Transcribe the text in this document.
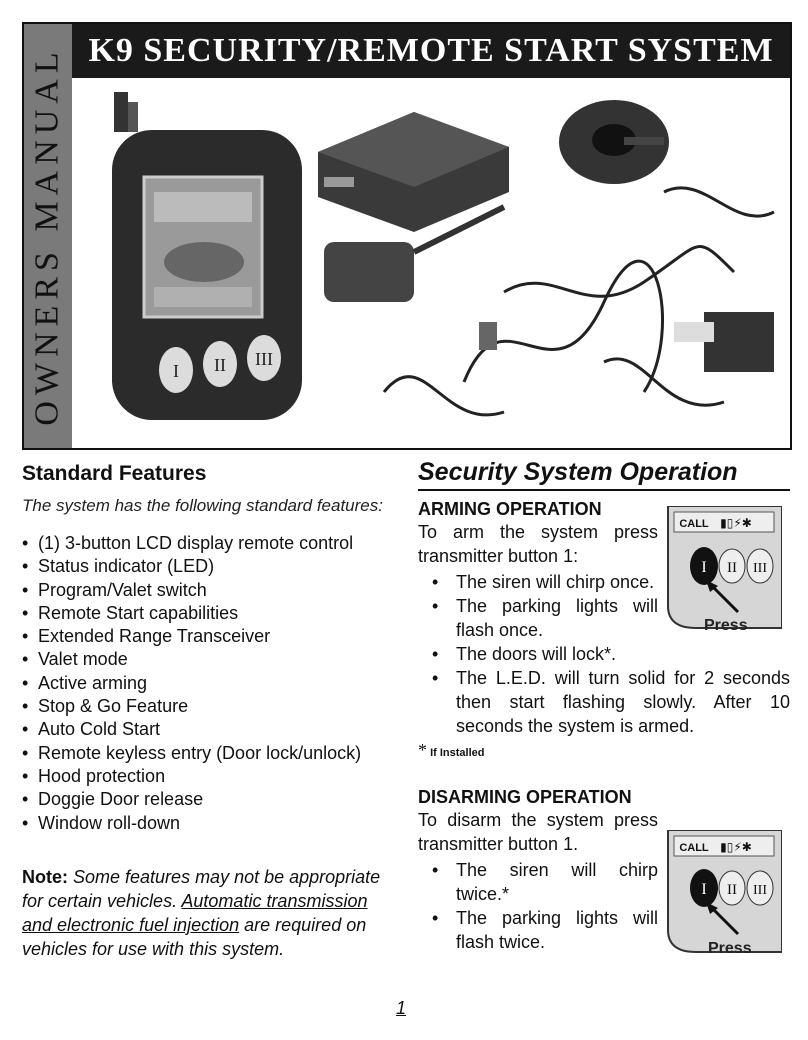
OWNERS MANUAL K9 SECURITY/REMOTE START SYSTEM
I II III
Standard Features

The system has the following standard features:

• (1) 3-button LCD display remote control
• Status indicator (LED)
• Program/Valet switch
• Remote Start capabilities
• Extended Range Transceiver
• Valet mode
• Active arming
• Stop & Go Feature
• Auto Cold Start
• Remote keyless entry (Door lock/unlock)
• Hood protection
• Doggie Door release
• Window roll-down

Note: Some features may not be appropriate for certain vehicles. Automatic transmission and electronic fuel injection are required on vehicles for use with this system.

Security System Operation
ARMING OPERATION

To arm the system press transmitter button 1:

• The siren will chirp once.
• The parking lights will flash once.
• The doors will lock*.
• The L.E.D. will turn solid for 2 seconds then start flashing slowly. After 10 seconds the system is armed.

* If Installed

DISARMING OPERATION

To disarm the system press transmitter button 1.

• The siren will chirp twice.*
• The parking lights will flash twice.
CALL ▮▯⚡✱
I II III
Press
CALL ▮▯⚡✱
I II III
Press
1
